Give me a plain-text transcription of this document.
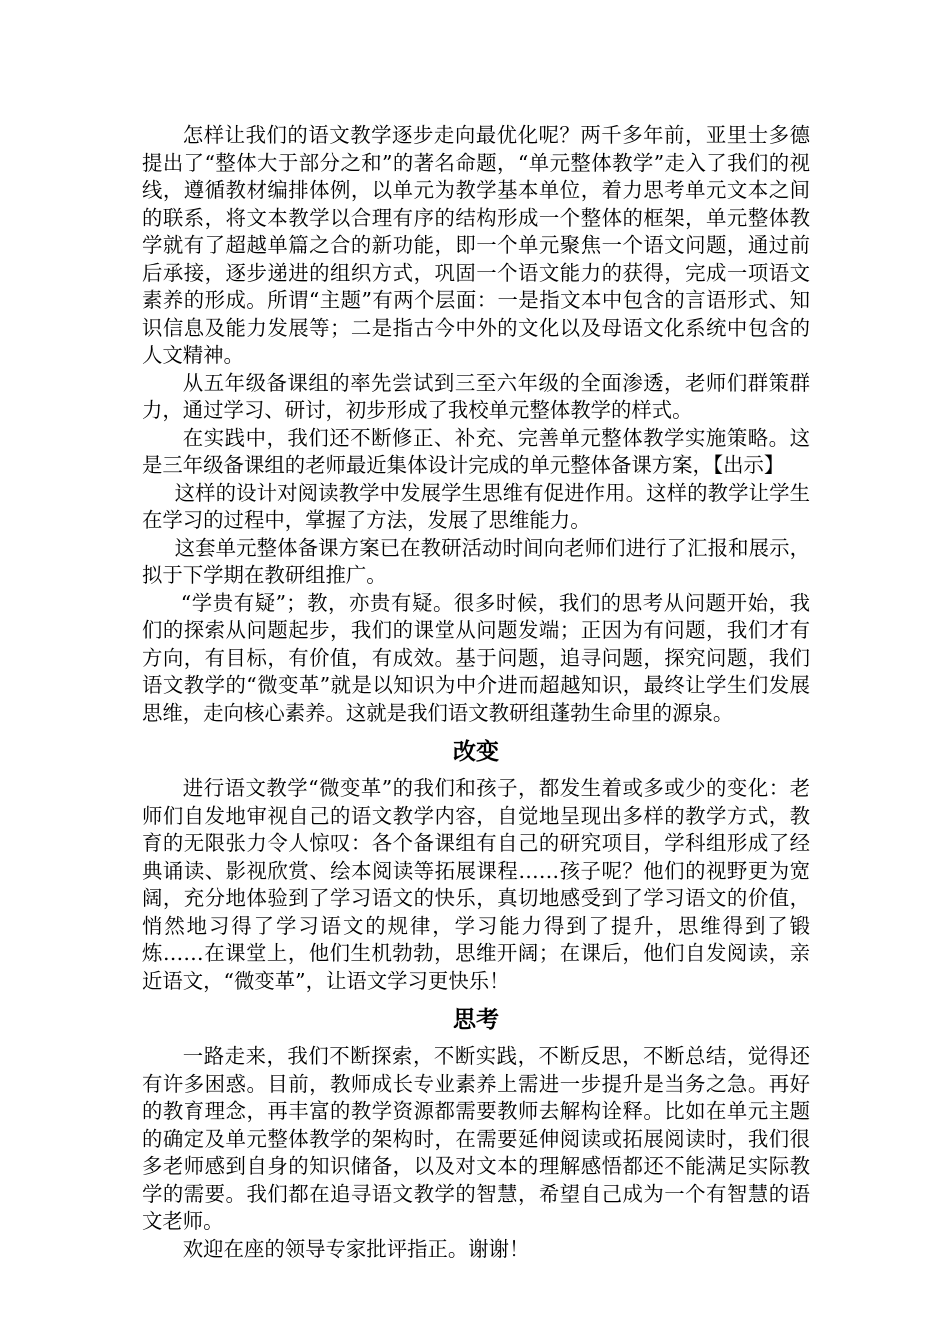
怎样让我们的语文教学逐步走向最优化呢？两千多年前，亚里士多德提出了“整体大于部分之和”的著名命题，“单元整体教学”走入了我们的视线，遵循教材编排体例，以单元为教学基本单位，着力思考单元文本之间的联系，将文本教学以合理有序的结构形成一个整体的框架，单元整体教学就有了超越单篇之合的新功能，即一个单元聚焦一个语文问题，通过前后承接，逐步递进的组织方式，巩固一个语文能力的获得，完成一项语文素养的形成。所谓“主题”有两个层面：一是指文本中包含的言语形式、知识信息及能力发展等；二是指古今中外的文化以及母语文化系统中包含的人文精神。

从五年级备课组的率先尝试到三至六年级的全面渗透，老师们群策群力，通过学习、研讨，初步形成了我校单元整体教学的样式。

在实践中，我们还不断修正、补充、完善单元整体教学实施策略。这是三年级备课组的老师最近集体设计完成的单元整体备课方案，【出示】

这样的设计对阅读教学中发展学生思维有促进作用。这样的教学让学生在学习的过程中，掌握了方法，发展了思维能力。

这套单元整体备课方案已在教研活动时间向老师们进行了汇报和展示，拟于下学期在教研组推广。

“学贵有疑”；教，亦贵有疑。很多时候，我们的思考从问题开始，我们的探索从问题起步，我们的课堂从问题发端；正因为有问题，我们才有方向，有目标，有价值，有成效。基于问题，追寻问题，探究问题，我们语文教学的“微变革”就是以知识为中介进而超越知识，最终让学生们发展思维，走向核心素养。这就是我们语文教研组蓬勃生命里的源泉。

改变

进行语文教学“微变革”的我们和孩子，都发生着或多或少的变化：老师们自发地审视自己的语文教学内容，自觉地呈现出多样的教学方式，教育的无限张力令人惊叹：各个备课组有自己的研究项目，学科组形成了经典诵读、影视欣赏、绘本阅读等拓展课程……孩子呢？他们的视野更为宽阔，充分地体验到了学习语文的快乐，真切地感受到了学习语文的价值，悄然地习得了学习语文的规律，学习能力得到了提升，思维得到了锻炼……在课堂上，他们生机勃勃，思维开阔；在课后，他们自发阅读，亲近语文，“微变革”，让语文学习更快乐！

思考

一路走来，我们不断探索，不断实践，不断反思，不断总结，觉得还有许多困惑。目前，教师成长专业素养上需进一步提升是当务之急。再好的教育理念，再丰富的教学资源都需要教师去解构诠释。比如在单元主题的确定及单元整体教学的架构时，在需要延伸阅读或拓展阅读时，我们很多老师感到自身的知识储备，以及对文本的理解感悟都还不能满足实际教学的需要。我们都在追寻语文教学的智慧，希望自己成为一个有智慧的语文老师。

欢迎在座的领导专家批评指正。谢谢！
